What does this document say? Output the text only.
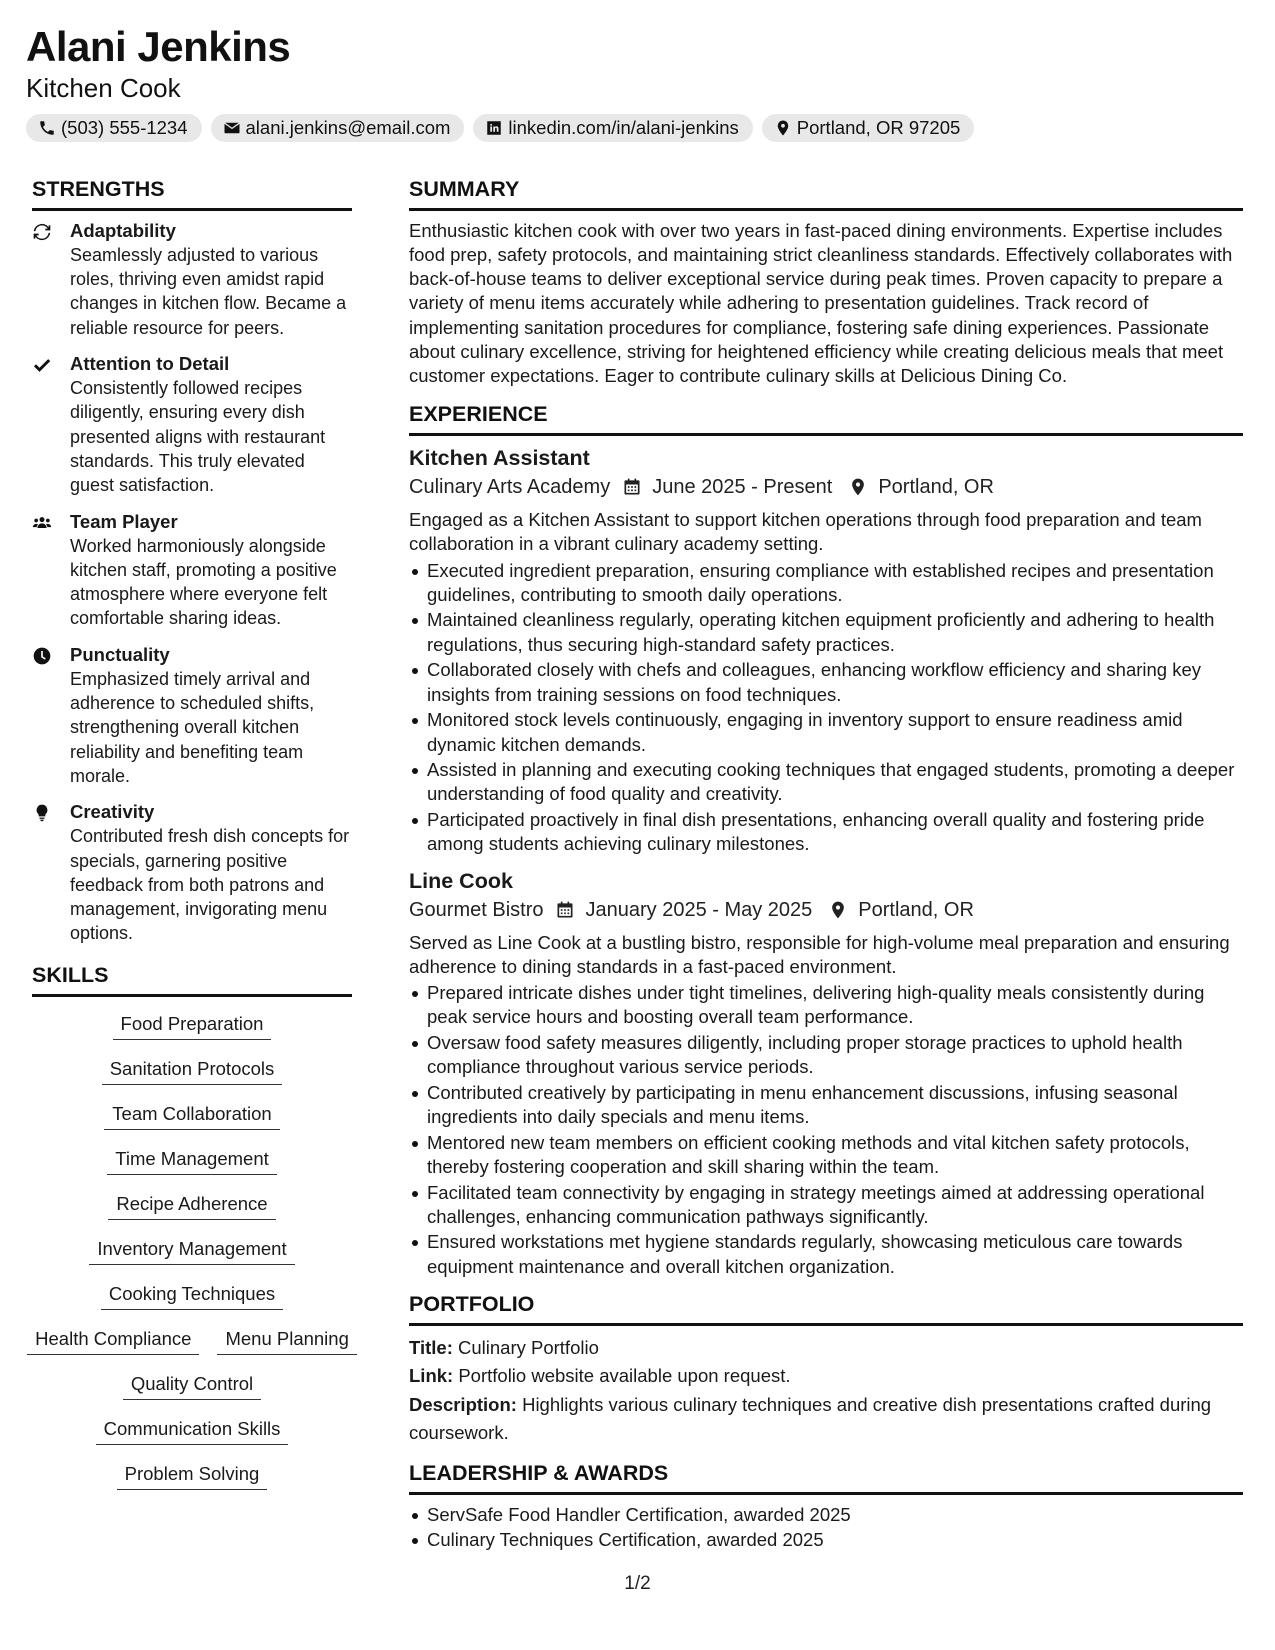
Alani Jenkins
Kitchen Cook
(503) 555-1234	alani.jenkins@email.com	linkedin.com/in/alani-jenkins	Portland, OR 97205
STRENGTHS
Adaptability
Seamlessly adjusted to various roles, thriving even amidst rapid changes in kitchen flow. Became a reliable resource for peers.
Attention to Detail
Consistently followed recipes diligently, ensuring every dish presented aligns with restaurant standards. This truly elevated guest satisfaction.
Team Player
Worked harmoniously alongside kitchen staff, promoting a positive atmosphere where everyone felt comfortable sharing ideas.
Punctuality
Emphasized timely arrival and adherence to scheduled shifts, strengthening overall kitchen reliability and benefiting team morale.
Creativity
Contributed fresh dish concepts for specials, garnering positive feedback from both patrons and management, invigorating menu options.
SKILLS
Food Preparation
Sanitation Protocols
Team Collaboration
Time Management
Recipe Adherence
Inventory Management
Cooking Techniques
Health Compliance	Menu Planning
Quality Control
Communication Skills
Problem Solving
SUMMARY
Enthusiastic kitchen cook with over two years in fast-paced dining environments. Expertise includes food prep, safety protocols, and maintaining strict cleanliness standards. Effectively collaborates with back-of-house teams to deliver exceptional service during peak times. Proven capacity to prepare a variety of menu items accurately while adhering to presentation guidelines. Track record of implementing sanitation procedures for compliance, fostering safe dining experiences. Passionate about culinary excellence, striving for heightened efficiency while creating delicious meals that meet customer expectations. Eager to contribute culinary skills at Delicious Dining Co.
EXPERIENCE
Kitchen Assistant
Culinary Arts Academy June 2025 - Present Portland, OR
Engaged as a Kitchen Assistant to support kitchen operations through food preparation and team collaboration in a vibrant culinary academy setting.
Executed ingredient preparation, ensuring compliance with established recipes and presentation guidelines, contributing to smooth daily operations.
Maintained cleanliness regularly, operating kitchen equipment proficiently and adhering to health regulations, thus securing high-standard safety practices.
Collaborated closely with chefs and colleagues, enhancing workflow efficiency and sharing key insights from training sessions on food techniques.
Monitored stock levels continuously, engaging in inventory support to ensure readiness amid dynamic kitchen demands.
Assisted in planning and executing cooking techniques that engaged students, promoting a deeper understanding of food quality and creativity.
Participated proactively in final dish presentations, enhancing overall quality and fostering pride among students achieving culinary milestones.
Line Cook
Gourmet Bistro January 2025 - May 2025 Portland, OR
Served as Line Cook at a bustling bistro, responsible for high-volume meal preparation and ensuring adherence to dining standards in a fast-paced environment.
Prepared intricate dishes under tight timelines, delivering high-quality meals consistently during peak service hours and boosting overall team performance.
Oversaw food safety measures diligently, including proper storage practices to uphold health compliance throughout various service periods.
Contributed creatively by participating in menu enhancement discussions, infusing seasonal ingredients into daily specials and menu items.
Mentored new team members on efficient cooking methods and vital kitchen safety protocols, thereby fostering cooperation and skill sharing within the team.
Facilitated team connectivity by engaging in strategy meetings aimed at addressing operational challenges, enhancing communication pathways significantly.
Ensured workstations met hygiene standards regularly, showcasing meticulous care towards equipment maintenance and overall kitchen organization.
PORTFOLIO
Title: Culinary Portfolio
Link: Portfolio website available upon request.
Description: Highlights various culinary techniques and creative dish presentations crafted during coursework.
LEADERSHIP & AWARDS
ServSafe Food Handler Certification, awarded 2025
Culinary Techniques Certification, awarded 2025
1/2
